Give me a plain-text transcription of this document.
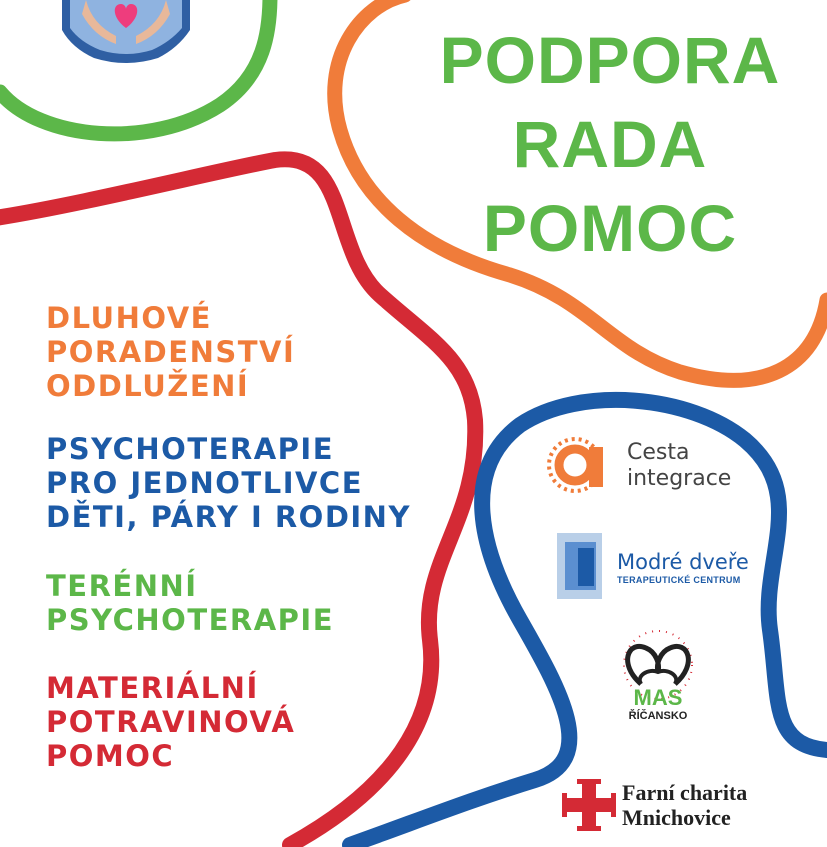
PODPORA
RADA
POMOC
DLUHOVÉ
PORADENSTVÍ
ODDLUŽENÍ
PSYCHOTERAPIE
PRO JEDNOTLIVCE
DĚTI, PÁRY I RODINY
TERÉNNÍ
PSYCHOTERAPIE
MATERIÁLNÍ
POTRAVINOVÁ
POMOC
Cesta
integrace
Modré dveře
TERAPEUTICKÉ CENTRUM
MAS
ŘÍČANSKO
Farní charita
Mnichovice
